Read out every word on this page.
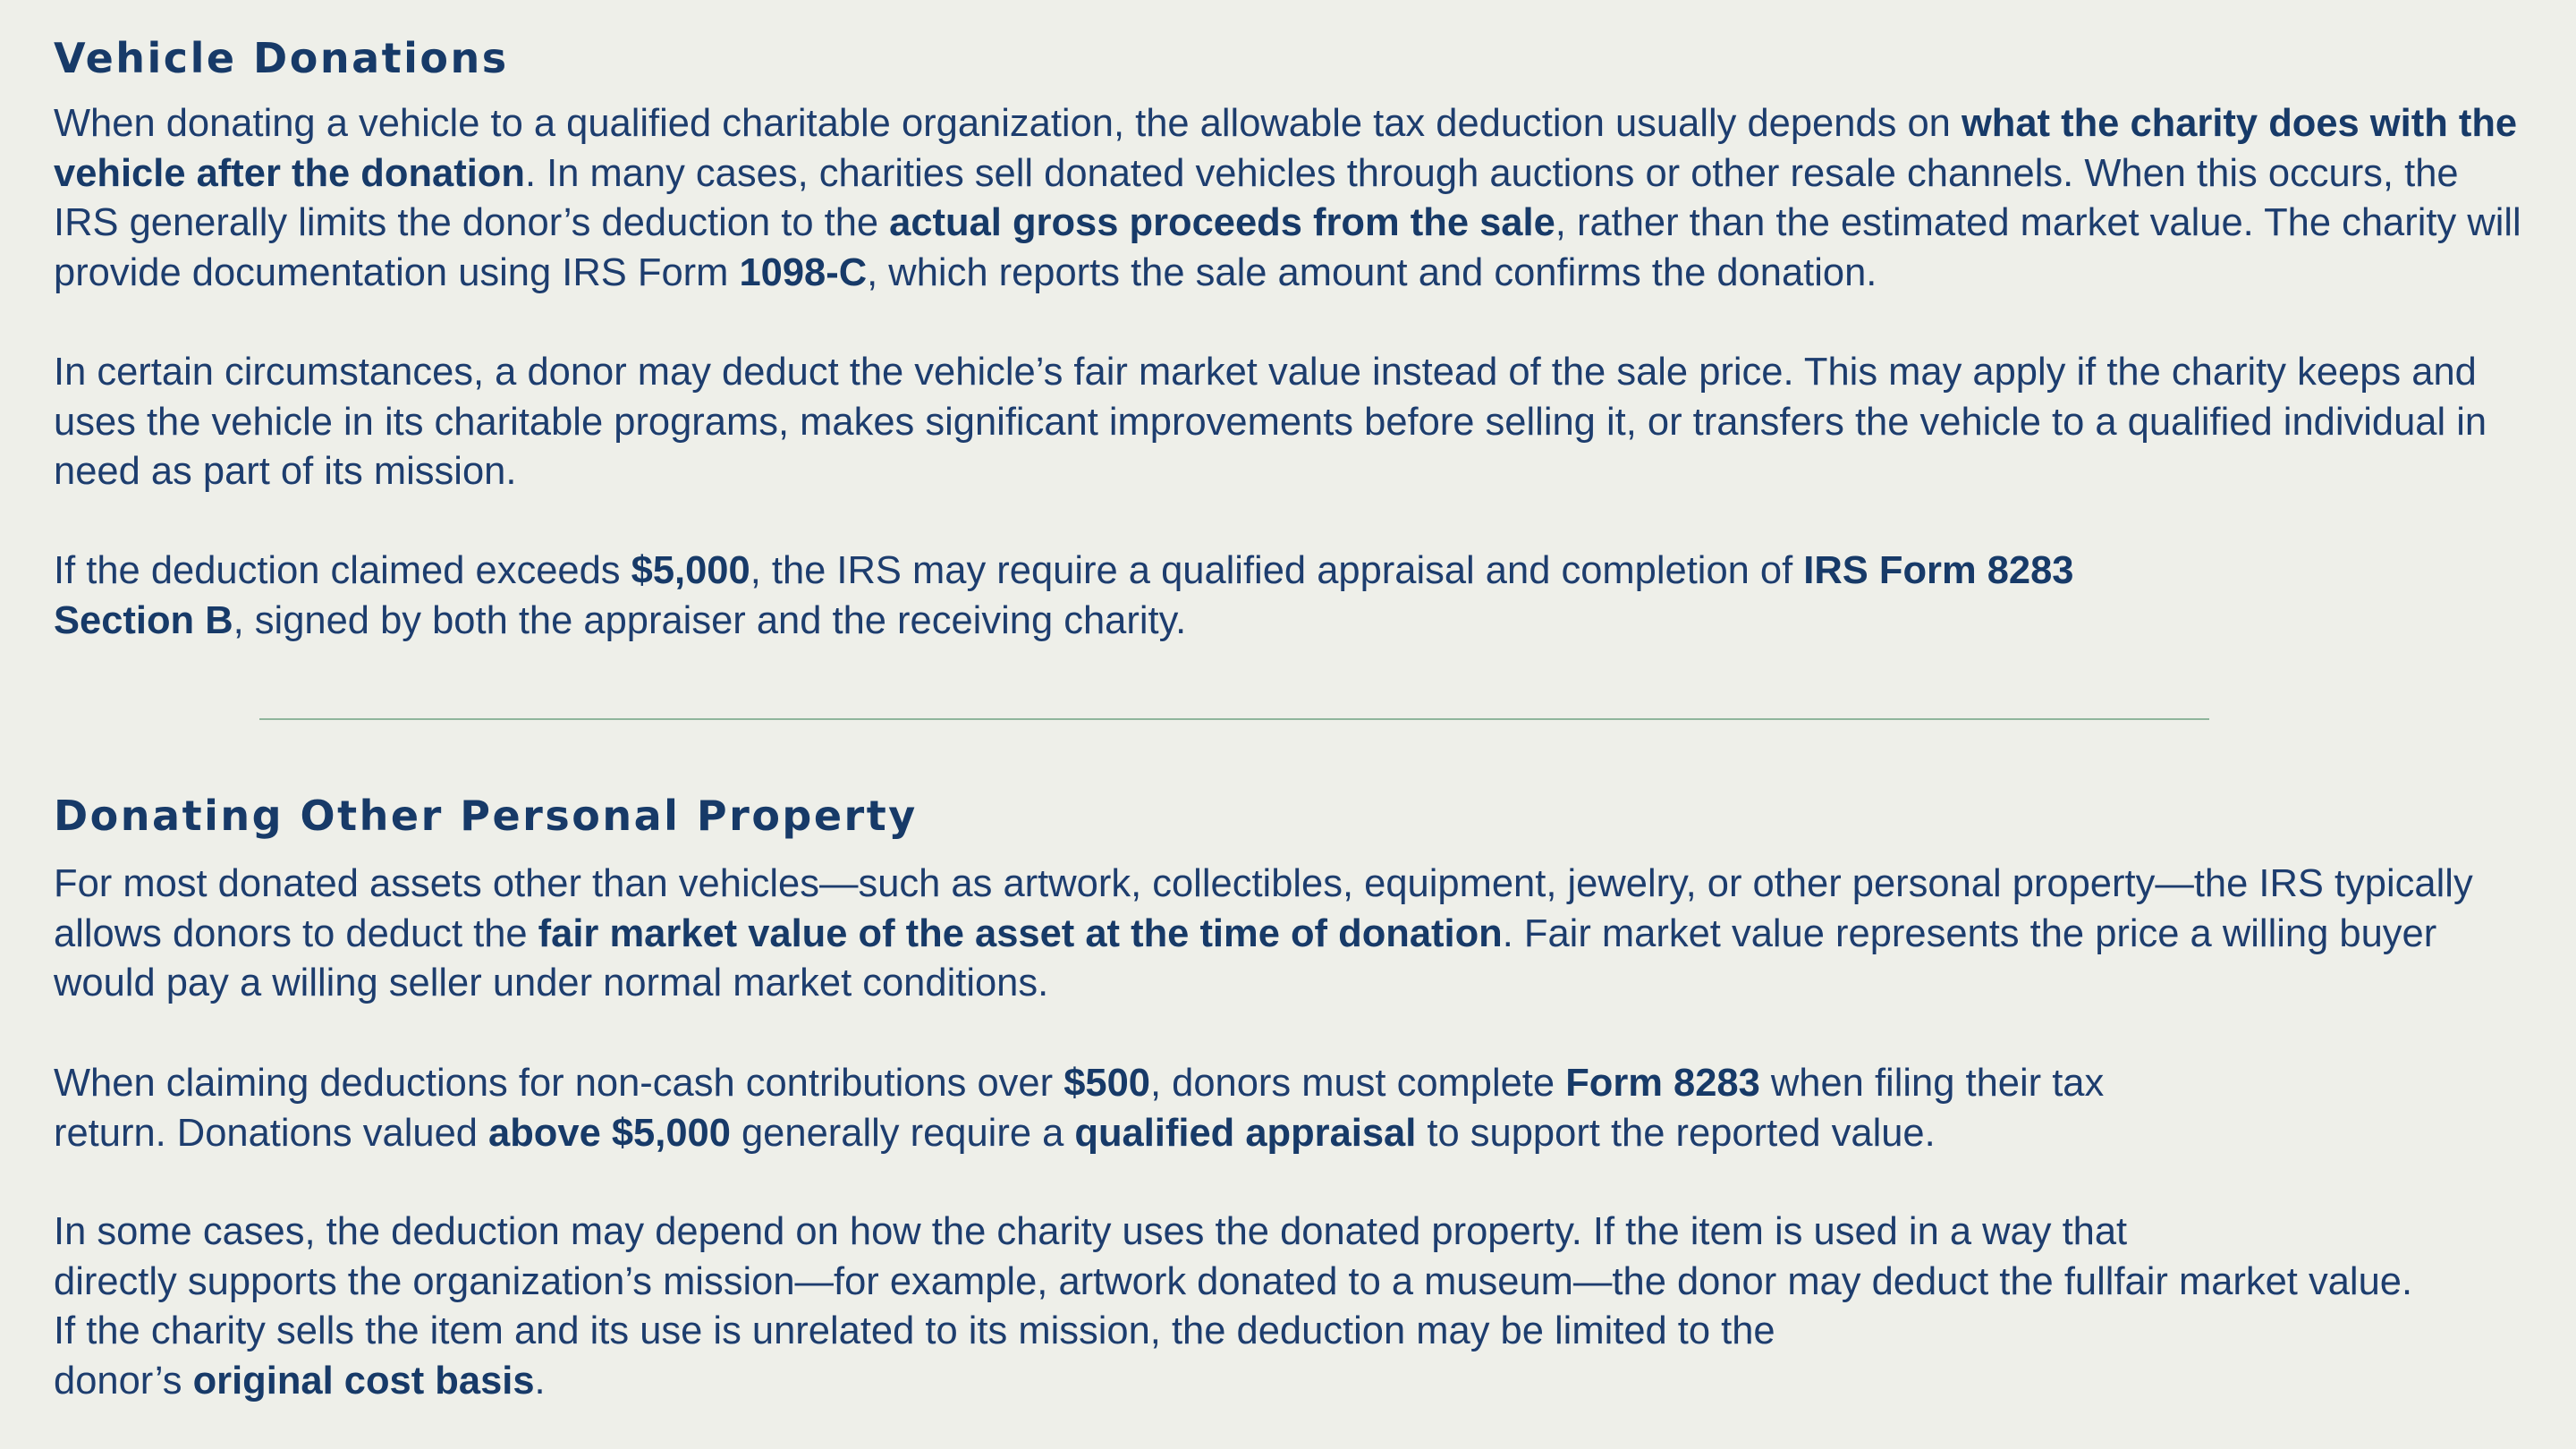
Vehicle Donations

When donating a vehicle to a qualified charitable organization, the allowable tax deduction usually depends on what the charity does with the vehicle after the donation. In many cases, charities sell donated vehicles through auctions or other resale channels. When this occurs, the IRS generally limits the donor’s deduction to the actual gross proceeds from the sale, rather than the estimated market value. The charity will provide documentation using IRS Form 1098-C, which reports the sale amount and confirms the donation.

In certain circumstances, a donor may deduct the vehicle’s fair market value instead of the sale price. This may apply if the charity keeps and uses the vehicle in its charitable programs, makes significant improvements before selling it, or transfers the vehicle to a qualified individual in need as part of its mission.

If the deduction claimed exceeds $5,000, the IRS may require a qualified appraisal and completion of IRS Form 8283
Section B, signed by both the appraiser and the receiving charity.

Donating Other Personal Property

For most donated assets other than vehicles—such as artwork, collectibles, equipment, jewelry, or other personal property—the IRS typically allows donors to deduct the fair market value of the asset at the time of donation. Fair market value represents the price a willing buyer would pay a willing seller under normal market conditions.

When claiming deductions for non-cash contributions over $500, donors must complete Form 8283 when filing their tax
return. Donations valued above $5,000 generally require a qualified appraisal to support the reported value.

In some cases, the deduction may depend on how the charity uses the donated property. If the item is used in a way that
directly supports the organization’s mission—for example, artwork donated to a museum—the donor may deduct the fullfair market value.
If the charity sells the item and its use is unrelated to its mission, the deduction may be limited to the
donor’s original cost basis.
